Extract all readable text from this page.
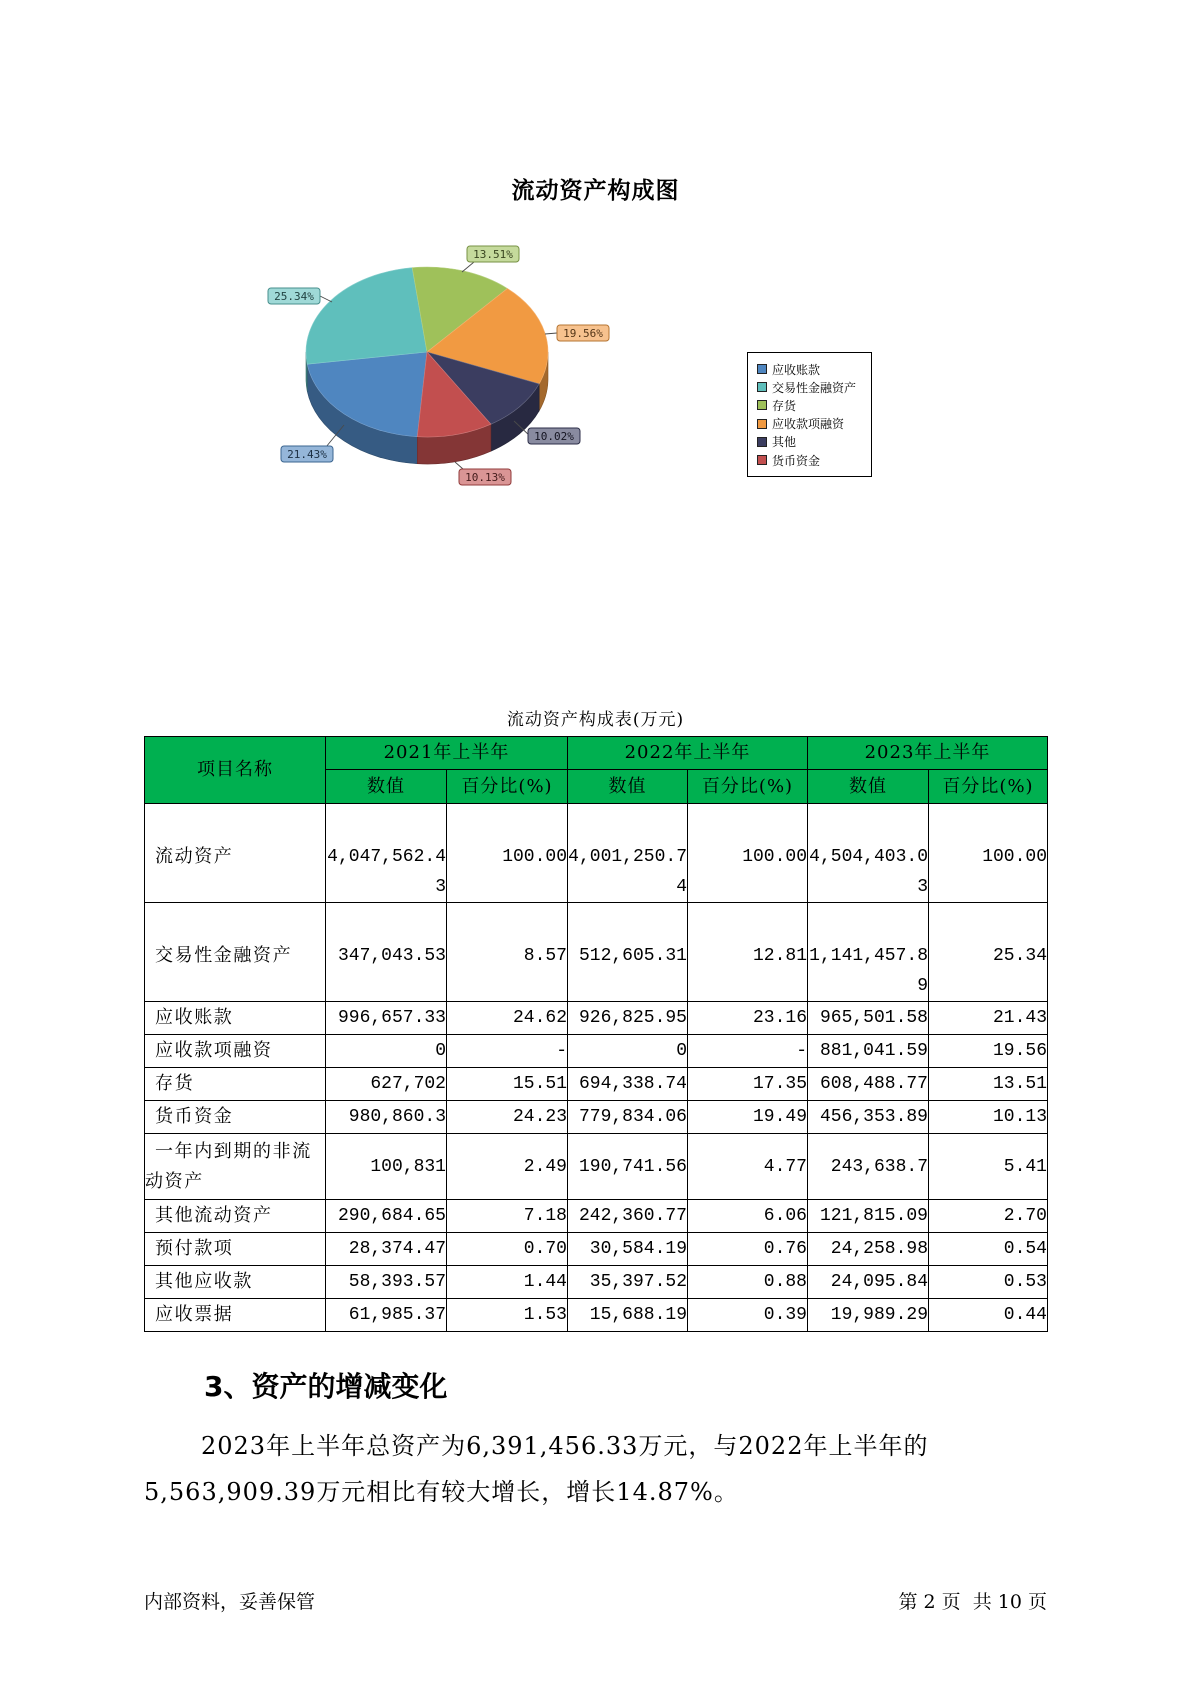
流动资产构成图
21.43%
25.34%
13.51%
19.56%
10.02%
10.13%
应收账款
交易性金融资产
存货
应收款项融资
其他
货币资金
流动资产构成表(万元)
项目名称	2021年上半年		2022年上半年		2023年上半年	
	数值	百分比(%)	数值	百分比(%)	数值	百分比(%)
流动资产	4,047,562.43	100.00	4,001,250.74	100.00	4,504,403.03	100.00
交易性金融资产	347,043.53	8.57	512,605.31	12.81	1,141,457.89	25.34
应收账款	996,657.33	24.62	926,825.95	23.16	965,501.58	21.43
应收款项融资	0	-	0	-	881,041.59	19.56
存货	627,702	15.51	694,338.74	17.35	608,488.77	13.51
货币资金	980,860.3	24.23	779,834.06	19.49	456,353.89	10.13
一年内到期的非流动资产	100,831	2.49	190,741.56	4.77	243,638.7	5.41
其他流动资产	290,684.65	7.18	242,360.77	6.06	121,815.09	2.70
预付款项	28,374.47	0.70	30,584.19	0.76	24,258.98	0.54
其他应收款	58,393.57	1.44	35,397.52	0.88	24,095.84	0.53
应收票据	61,985.37	1.53	15,688.19	0.39	19,989.29	0.44
3、资产的增减变化
2023年上半年总资产为6,391,456.33万元，与2022年上半年的
5,563,909.39万元相比有较大增长，增长14.87%。
内部资料，妥善保管	第 2 页  共 10 页
